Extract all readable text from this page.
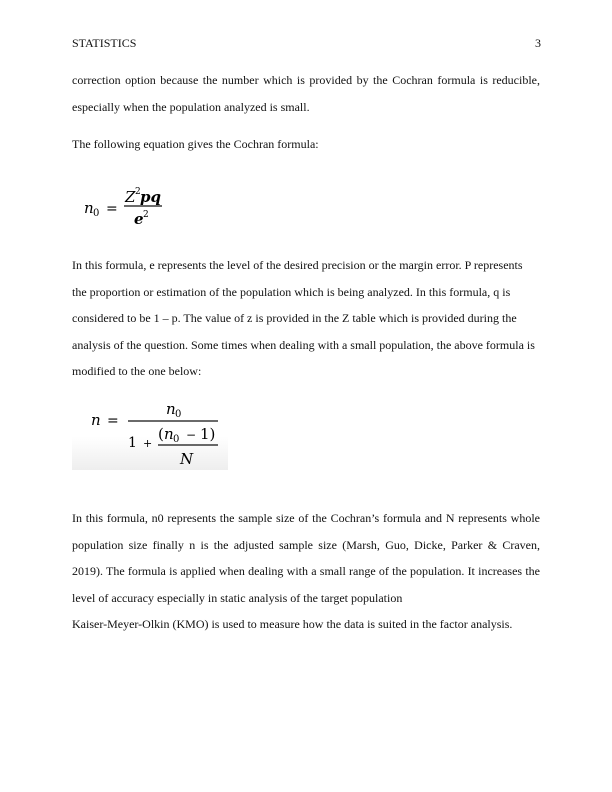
STATISTICS	3

correction option because the number which is provided by the Cochran formula is reducible,
especially when the population analyzed is small.

The following equation gives the Cochran formula:

n 0 =
Z 2 pq
e 2

In this formula, e represents the level of the desired precision or the margin error. P represents
the proportion or estimation of the population which is being analyzed. In this formula, q is
considered to be 1 – p. The value of z is provided in the Z table which is provided during the
analysis of the question. Some times when dealing with a small population, the above formula is
modified to the one below:

n =
n 0
1 +
( n 0 − 1)
N

In this formula, n0 represents the sample size of the Cochran’s formula and N represents whole
population size finally n is the adjusted sample size (Marsh, Guo, Dicke, Parker & Craven,
2019). The formula is applied when dealing with a small range of the population. It increases the
level of accuracy especially in static analysis of the target population
Kaiser-Meyer-Olkin (KMO) is used to measure how the data is suited in the factor analysis.
